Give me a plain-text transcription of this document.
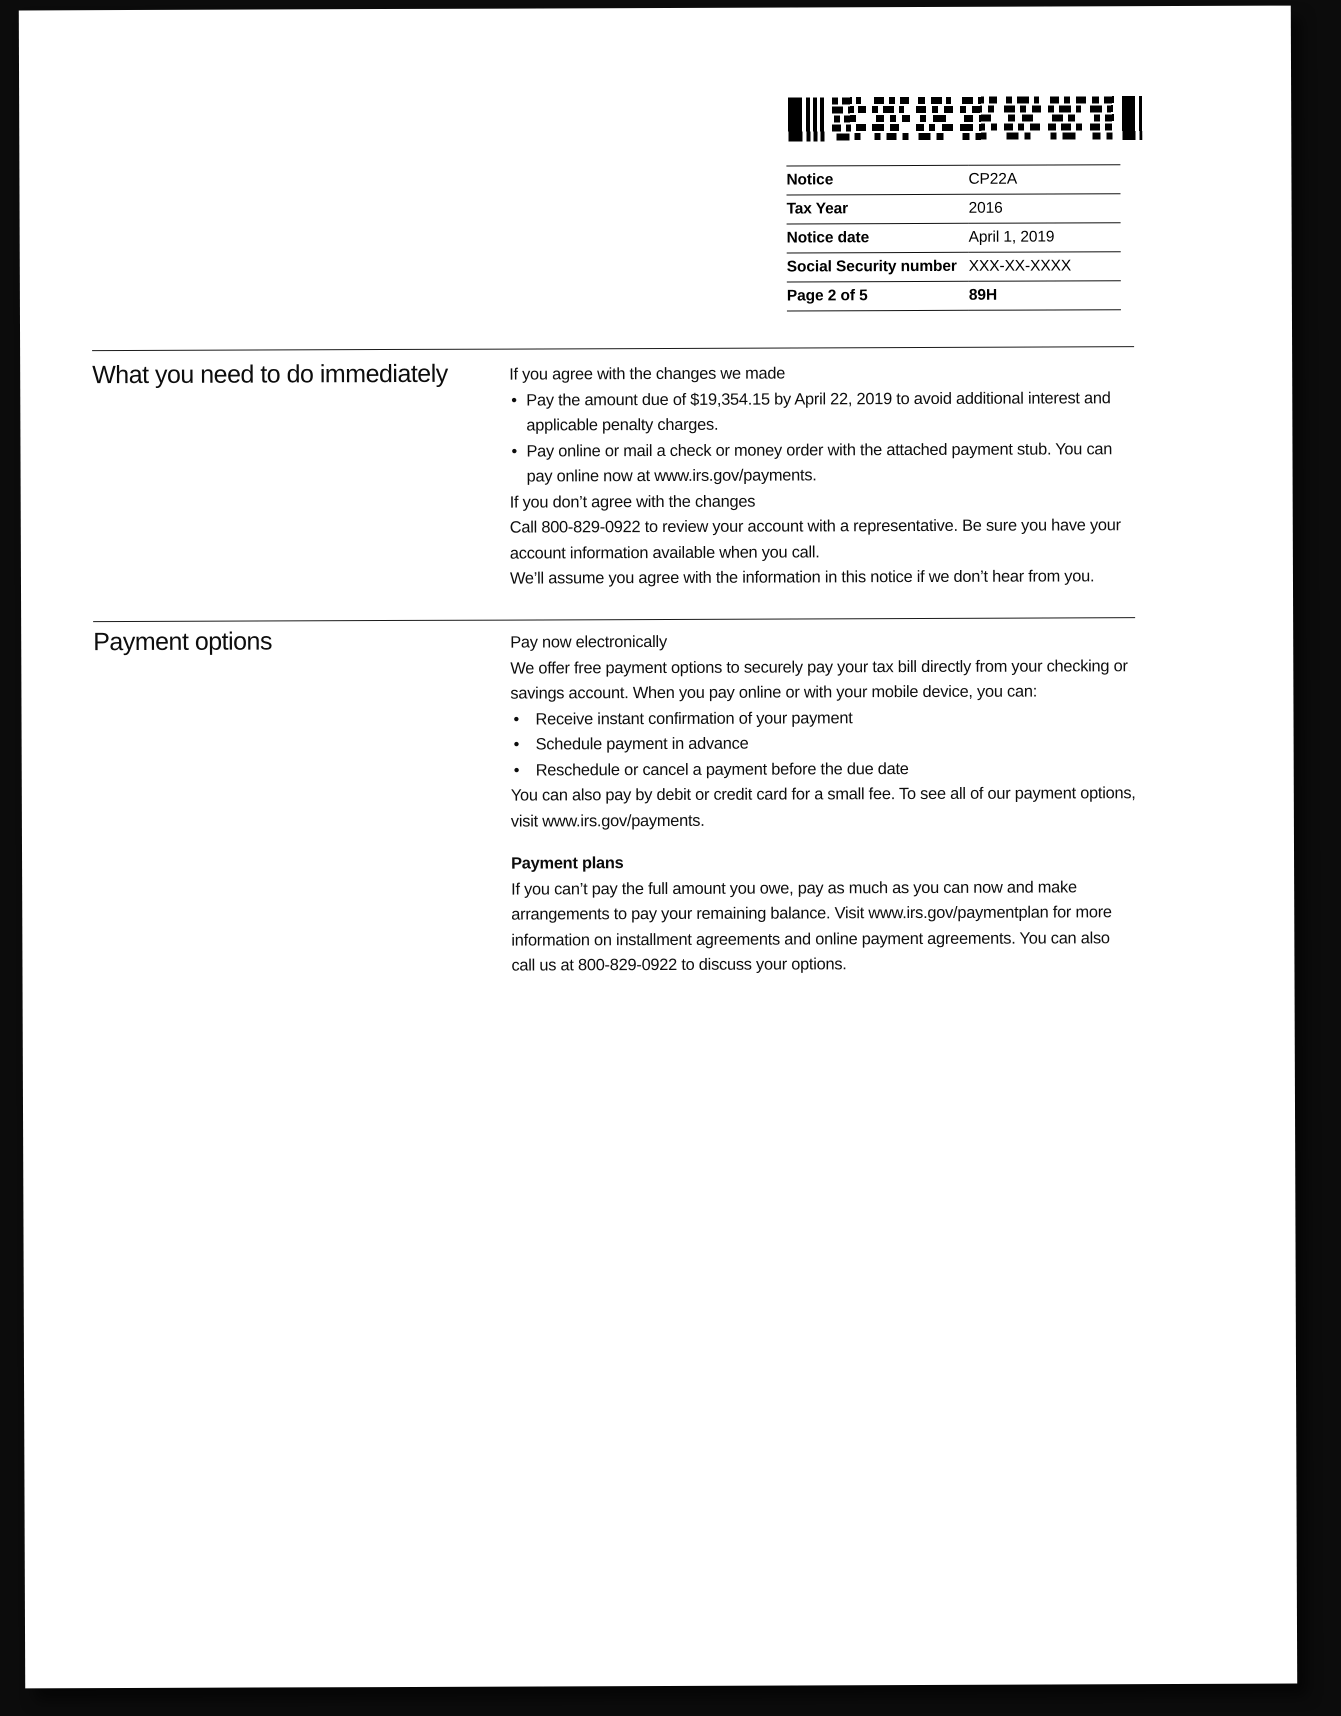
Notice	CP22A
Tax Year	2016
Notice date	April 1, 2019
Social Security number	XXX-XX-XXXX
Page 2 of 5	89H
What you need to do immediately	If you agree with the changes we made
• Pay the amount due of $19,354.15 by April 22, 2019 to avoid additional interest and applicable penalty charges.
• Pay online or mail a check or money order with the attached payment stub. You can pay online now at www.irs.gov/payments.
If you don’t agree with the changes
Call 800-829-0922 to review your account with a representative. Be sure you have your account information available when you call.
We’ll assume you agree with the information in this notice if we don’t hear from you.
Payment options	Pay now electronically
We offer free payment options to securely pay your tax bill directly from your checking or savings account. When you pay online or with your mobile device, you can:
• Receive instant confirmation of your payment
• Schedule payment in advance
• Reschedule or cancel a payment before the due date
You can also pay by debit or credit card for a small fee. To see all of our payment options, visit www.irs.gov/payments.
Payment plans
If you can’t pay the full amount you owe, pay as much as you can now and make arrangements to pay your remaining balance. Visit www.irs.gov/paymentplan for more information on installment agreements and online payment agreements. You can also call us at 800-829-0922 to discuss your options.
